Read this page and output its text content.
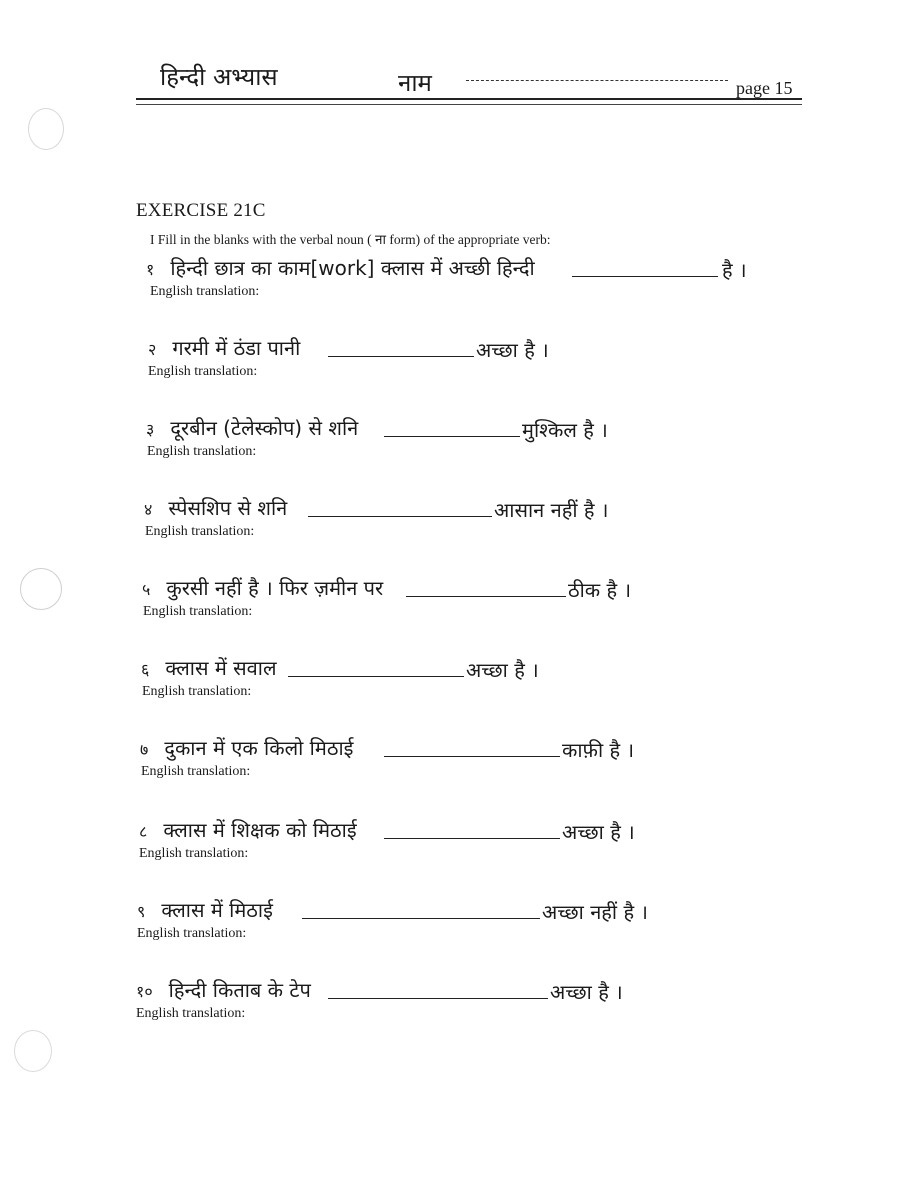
हिन्दी अभ्यास	नाम	page 15
EXERCISE 21C
I Fill in the blanks with the verbal noun ( ना form) of the appropriate verb:
१ हिन्दी छात्र का काम[work] क्लास में अच्छी हिन्दी	है ।
English translation:
२ गरमी में ठंडा पानी	अच्छा है ।
English translation:
३ दूरबीन (टेलेस्कोप) से शनि	मुश्किल है ।
English translation:
४ स्पेसशिप से शनि	आसान नहीं है ।
English translation:
५ कुरसी नहीं है । फिर ज़मीन पर	ठीक है ।
English translation:
६ क्लास में सवाल	अच्छा है ।
English translation:
७ दुकान में एक किलो मिठाई	काफ़ी है ।
English translation:
८ क्लास में शिक्षक को मिठाई	अच्छा है ।
English translation:
९ क्लास में मिठाई	अच्छा नहीं है ।
English translation:
१० हिन्दी किताब के टेप	अच्छा है ।
English translation:
